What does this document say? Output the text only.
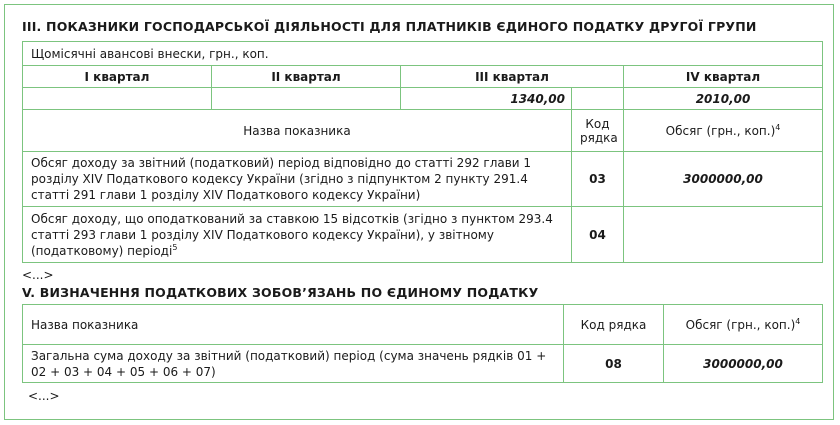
III. ПОКАЗНИКИ ГОСПОДАРСЬКОЇ ДІЯЛЬНОСТІ ДЛЯ ПЛАТНИКІВ ЄДИНОГО ПОДАТКУ ДРУГОЇ ГРУПИ
Щомісячні авансові внески, грн., коп.				
I квартал	II квартал	III квартал		IV квартал
		1340,00		2010,00
Назва показника			Код рядка	Обсяг (грн., коп.)$^4$
Обсяг доходу за звітний (податковий) період відповідно до статті 292 глави 1 розділу XIV Податкового кодексу України (згідно з підпунктом 2 пункту 291.4 статті 291 глави 1 розділу XIV Податкового кодексу України)			03	3000000,00
Обсяг доходу, що оподаткований за ставкою 15 відсотків (згідно з пунктом 293.4 статті 293 глави 1 розділу XIV Податкового кодексу України), у звітному (податковому) періоді$^5$			04	
<...>
V. ВИЗНАЧЕННЯ ПОДАТКОВИХ ЗОБОВ’ЯЗАНЬ ПО ЄДИНОМУ ПОДАТКУ
Назва показника	Код рядка	Обсяг (грн., коп.)$^4$
Загальна сума доходу за звітний (податковий) період (сума значень рядків 01 + 02 + 03 + 04 + 05 + 06 + 07)	08	3000000,00
<...>
